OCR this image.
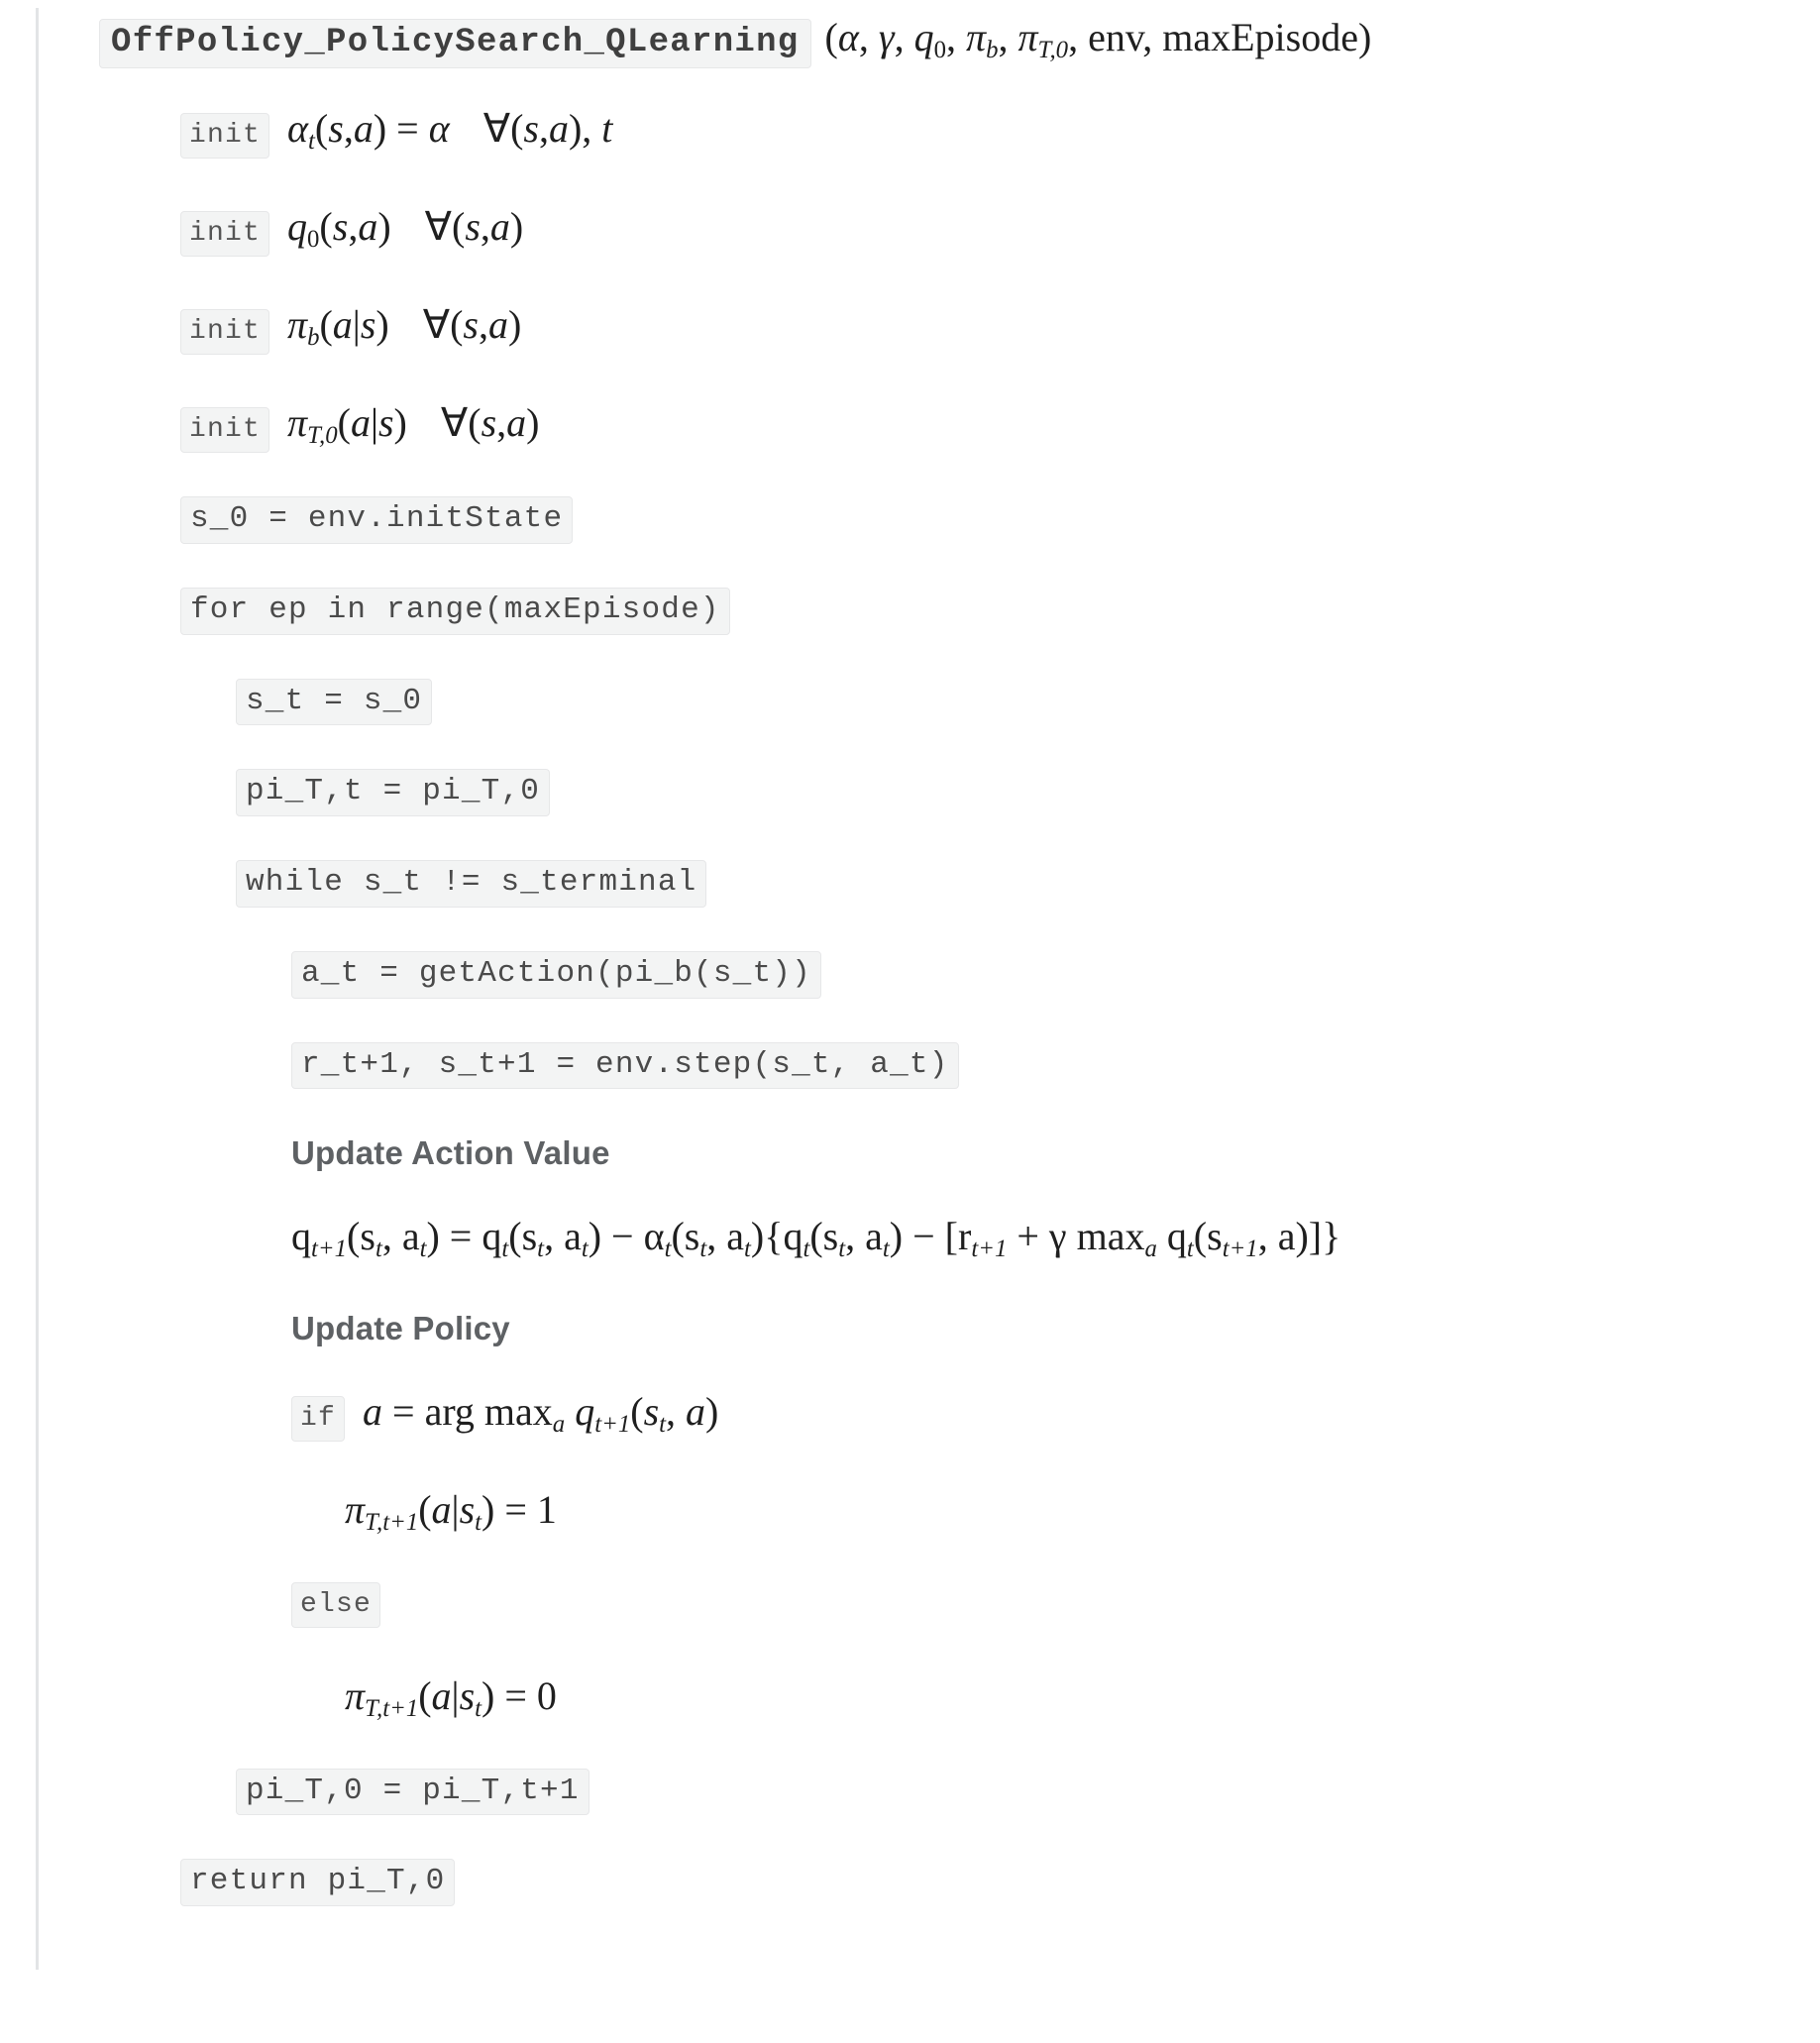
OffPolicy_PolicySearch_QLearning (α, γ, $q_0$, $\pi_b$, $\pi_{T,0}$, env, maxEpisode)
init $\alpha_t(s,a) = \alpha$ ∀(s,a), t
init $q_0(s,a)$ ∀(s,a)
init $\pi_b(a|s)$ ∀(s,a)
init $\pi_{T,0}(a|s)$ ∀(s,a)
s_0 = env.initState
for ep in range(maxEpisode)
s_t = s_0
pi_T,t = pi_T,0
while s_t != s_terminal
a_t = getAction(pi_b(s_t))
r_t+1, s_t+1 = env.step(s_t, a_t)
Update Action Value
$q_{t+1}(s_t$, $a_t) = q_t(s_t$, $a_t) - \alpha_t(s_t$, $a_t)\{q_t(s_t$, $a_t) - [r_{t+1} + \gamma$ $\max_a q_t(s_{t+1}$, a)]}
Update Policy
if a = arg $\max_a q_{t+1}(s_t$, a)
$\pi_{T,t+1}(a|s_t) = 1$
else
$\pi_{T,t+1}(a|s_t) = 0$
pi_T,0 = pi_T,t+1
return pi_T,0
